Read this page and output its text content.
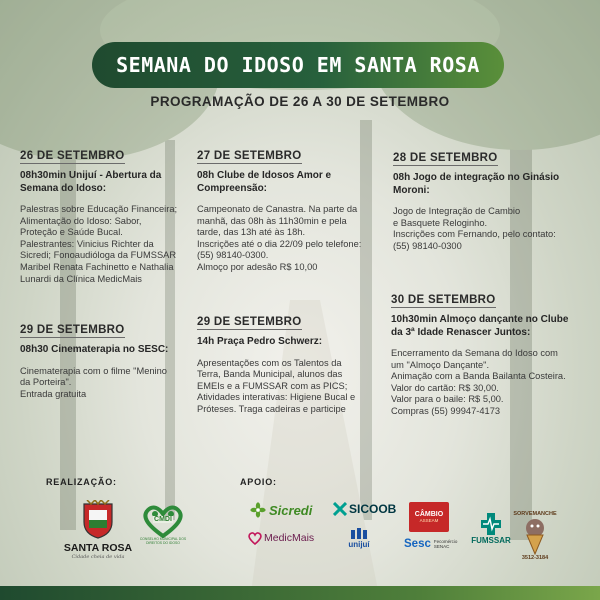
SEMANA DO IDOSO EM SANTA ROSA
PROGRAMAÇÃO DE 26 A 30 DE SETEMBRO
26 DE SETEMBRO
08h30min Unijuí - Abertura da Semana do Idoso:
Palestras sobre Educação Financeira; Alimentação do Idoso: Sabor, Proteção e Saúde Bucal. Palestrantes: Vinicius Richter da Sicredi; Fonoaudióloga da FUMSSAR Maribel Renata Fachinetto e Nathalia Lunardi da Clínica MedicMais
27 DE SETEMBRO
08h Clube de Idosos Amor e Compreensão:
Campeonato de Canastra. Na parte da manhã, das 08h às 11h30min e pela tarde, das 13h até às 18h.
Inscrições até o dia 22/09 pelo telefone: (55) 98140-0300.
Almoço por adesão R$ 10,00
28 DE SETEMBRO
08h Jogo de integração no Ginásio Moroni:
Jogo de Integração de Cambio
e Basquete Reloginho.
Inscrições com Fernando, pelo contato: (55) 98140-0300
29 DE SETEMBRO
08h30 Cinematerapia no SESC:
Cinematerapia com o filme "Menino da Porteira".
Entrada gratuita
29 DE SETEMBRO
14h Praça Pedro Schwerz:
Apresentações com os Talentos da Terra, Banda Municipal, alunos das EMEIs e a FUMSSAR com as PICS; Atividades interativas: Higiene Bucal e Próteses. Traga cadeiras e participe
30 DE SETEMBRO
10h30min Almoço dançante no Clube da 3ª Idade Renascer Juntos:
Encerramento da Semana do Idoso com um "Almoço Dançante".
Animação com a Banda Bailanta Costeira. Valor do cartão: R$ 30,00.
Valor para o baile: R$ 5,00.
Compras (55) 99947-4173
REALIZAÇÃO:
SANTA ROSA
Cidade cheia de vida
CMDI
CONSELHO MUNICIPAL DOS DIREITOS DO IDOSO
APOIO:
Sicredi	SICOOB	CÂMBIO
ASSEAM
MedicMais
unijuí	Sesc Fecomércio SENAC
FUMSSAR
SORVEMANCHE
3512-3184
